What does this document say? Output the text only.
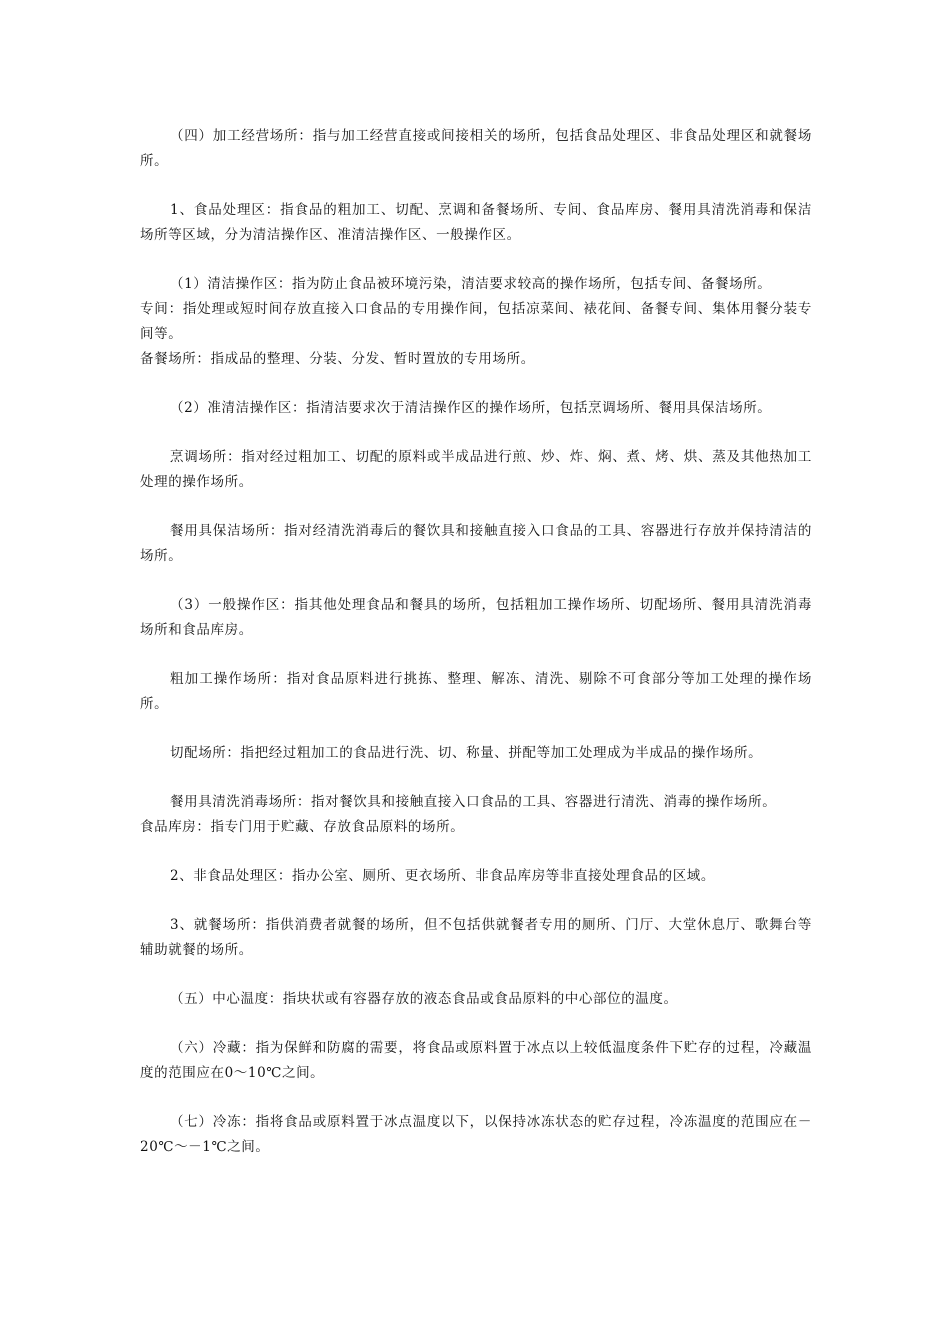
（四）加工经营场所：指与加工经营直接或间接相关的场所，包括食品处理区、非食品处理区和就餐场所。

1、食品处理区：指食品的粗加工、切配、烹调和备餐场所、专间、食品库房、餐用具清洗消毒和保洁场所等区域，分为清洁操作区、准清洁操作区、一般操作区。

（1）清洁操作区：指为防止食品被环境污染，清洁要求较高的操作场所，包括专间、备餐场所。

专间：指处理或短时间存放直接入口食品的专用操作间，包括凉菜间、裱花间、备餐专间、集体用餐分装专间等。

备餐场所：指成品的整理、分装、分发、暂时置放的专用场所。

（2）准清洁操作区：指清洁要求次于清洁操作区的操作场所，包括烹调场所、餐用具保洁场所。

烹调场所：指对经过粗加工、切配的原料或半成品进行煎、炒、炸、焖、煮、烤、烘、蒸及其他热加工处理的操作场所。

餐用具保洁场所：指对经清洗消毒后的餐饮具和接触直接入口食品的工具、容器进行存放并保持清洁的场所。

（3）一般操作区：指其他处理食品和餐具的场所，包括粗加工操作场所、切配场所、餐用具清洗消毒场所和食品库房。

粗加工操作场所：指对食品原料进行挑拣、整理、解冻、清洗、剔除不可食部分等加工处理的操作场所。

切配场所：指把经过粗加工的食品进行洗、切、称量、拼配等加工处理成为半成品的操作场所。

餐用具清洗消毒场所：指对餐饮具和接触直接入口食品的工具、容器进行清洗、消毒的操作场所。

食品库房：指专门用于贮藏、存放食品原料的场所。

2、非食品处理区：指办公室、厕所、更衣场所、非食品库房等非直接处理食品的区域。

3、就餐场所：指供消费者就餐的场所，但不包括供就餐者专用的厕所、门厅、大堂休息厅、歌舞台等辅助就餐的场所。

（五）中心温度：指块状或有容器存放的液态食品或食品原料的中心部位的温度。

（六）冷藏：指为保鲜和防腐的需要，将食品或原料置于冰点以上较低温度条件下贮存的过程，冷藏温度的范围应在0～10℃之间。

（七）冷冻：指将食品或原料置于冰点温度以下，以保持冰冻状态的贮存过程，冷冻温度的范围应在－20℃～－1℃之间。
